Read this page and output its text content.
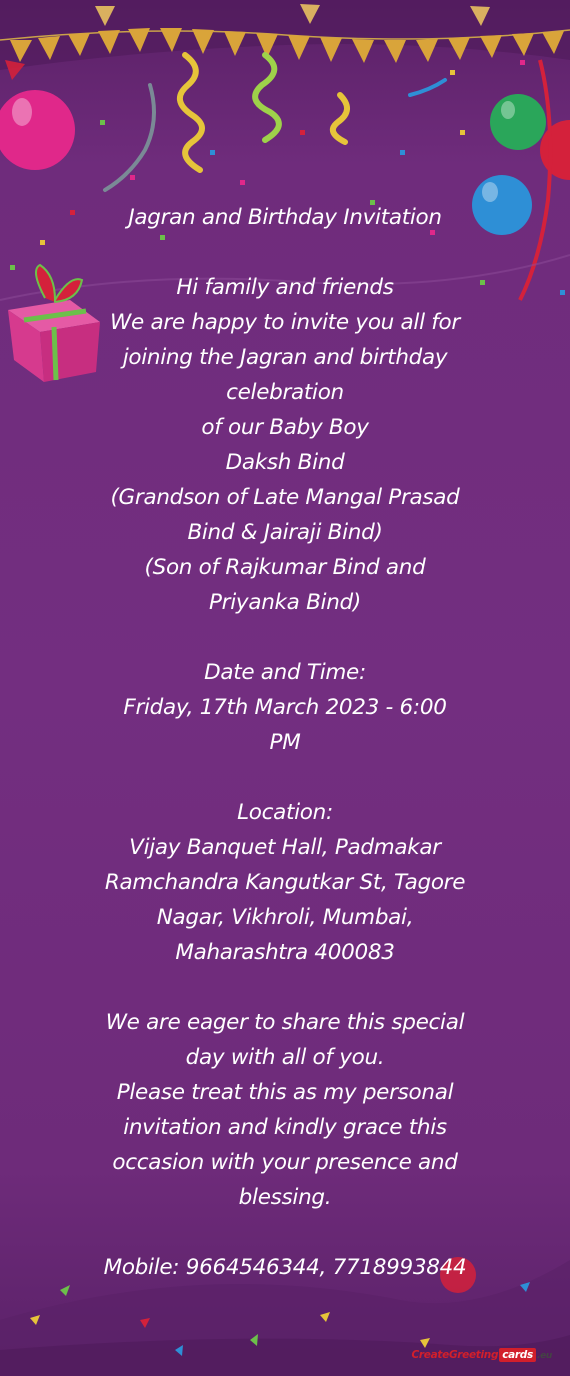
Jagran and Birthday Invitation
Hi family and friends
We are happy to invite you all for
joining the Jagran and birthday
celebration
of our Baby Boy
Daksh Bind
(Grandson of Late Mangal Prasad
Bind & Jairaji Bind)
(Son of Rajkumar Bind and
Priyanka Bind)
Date and Time:
Friday, 17th March 2023 - 6:00
PM
Location:
Vijay Banquet Hall, Padmakar
Ramchandra Kangutkar St, Tagore
Nagar, Vikhroli, Mumbai,
Maharashtra 400083
We are eager to share this special
day with all of you.
Please treat this as my personal
invitation and kindly grace this
occasion with your presence and
blessing.
Mobile: 9664546344, 7718993844
CreateGreeting cards .eu
